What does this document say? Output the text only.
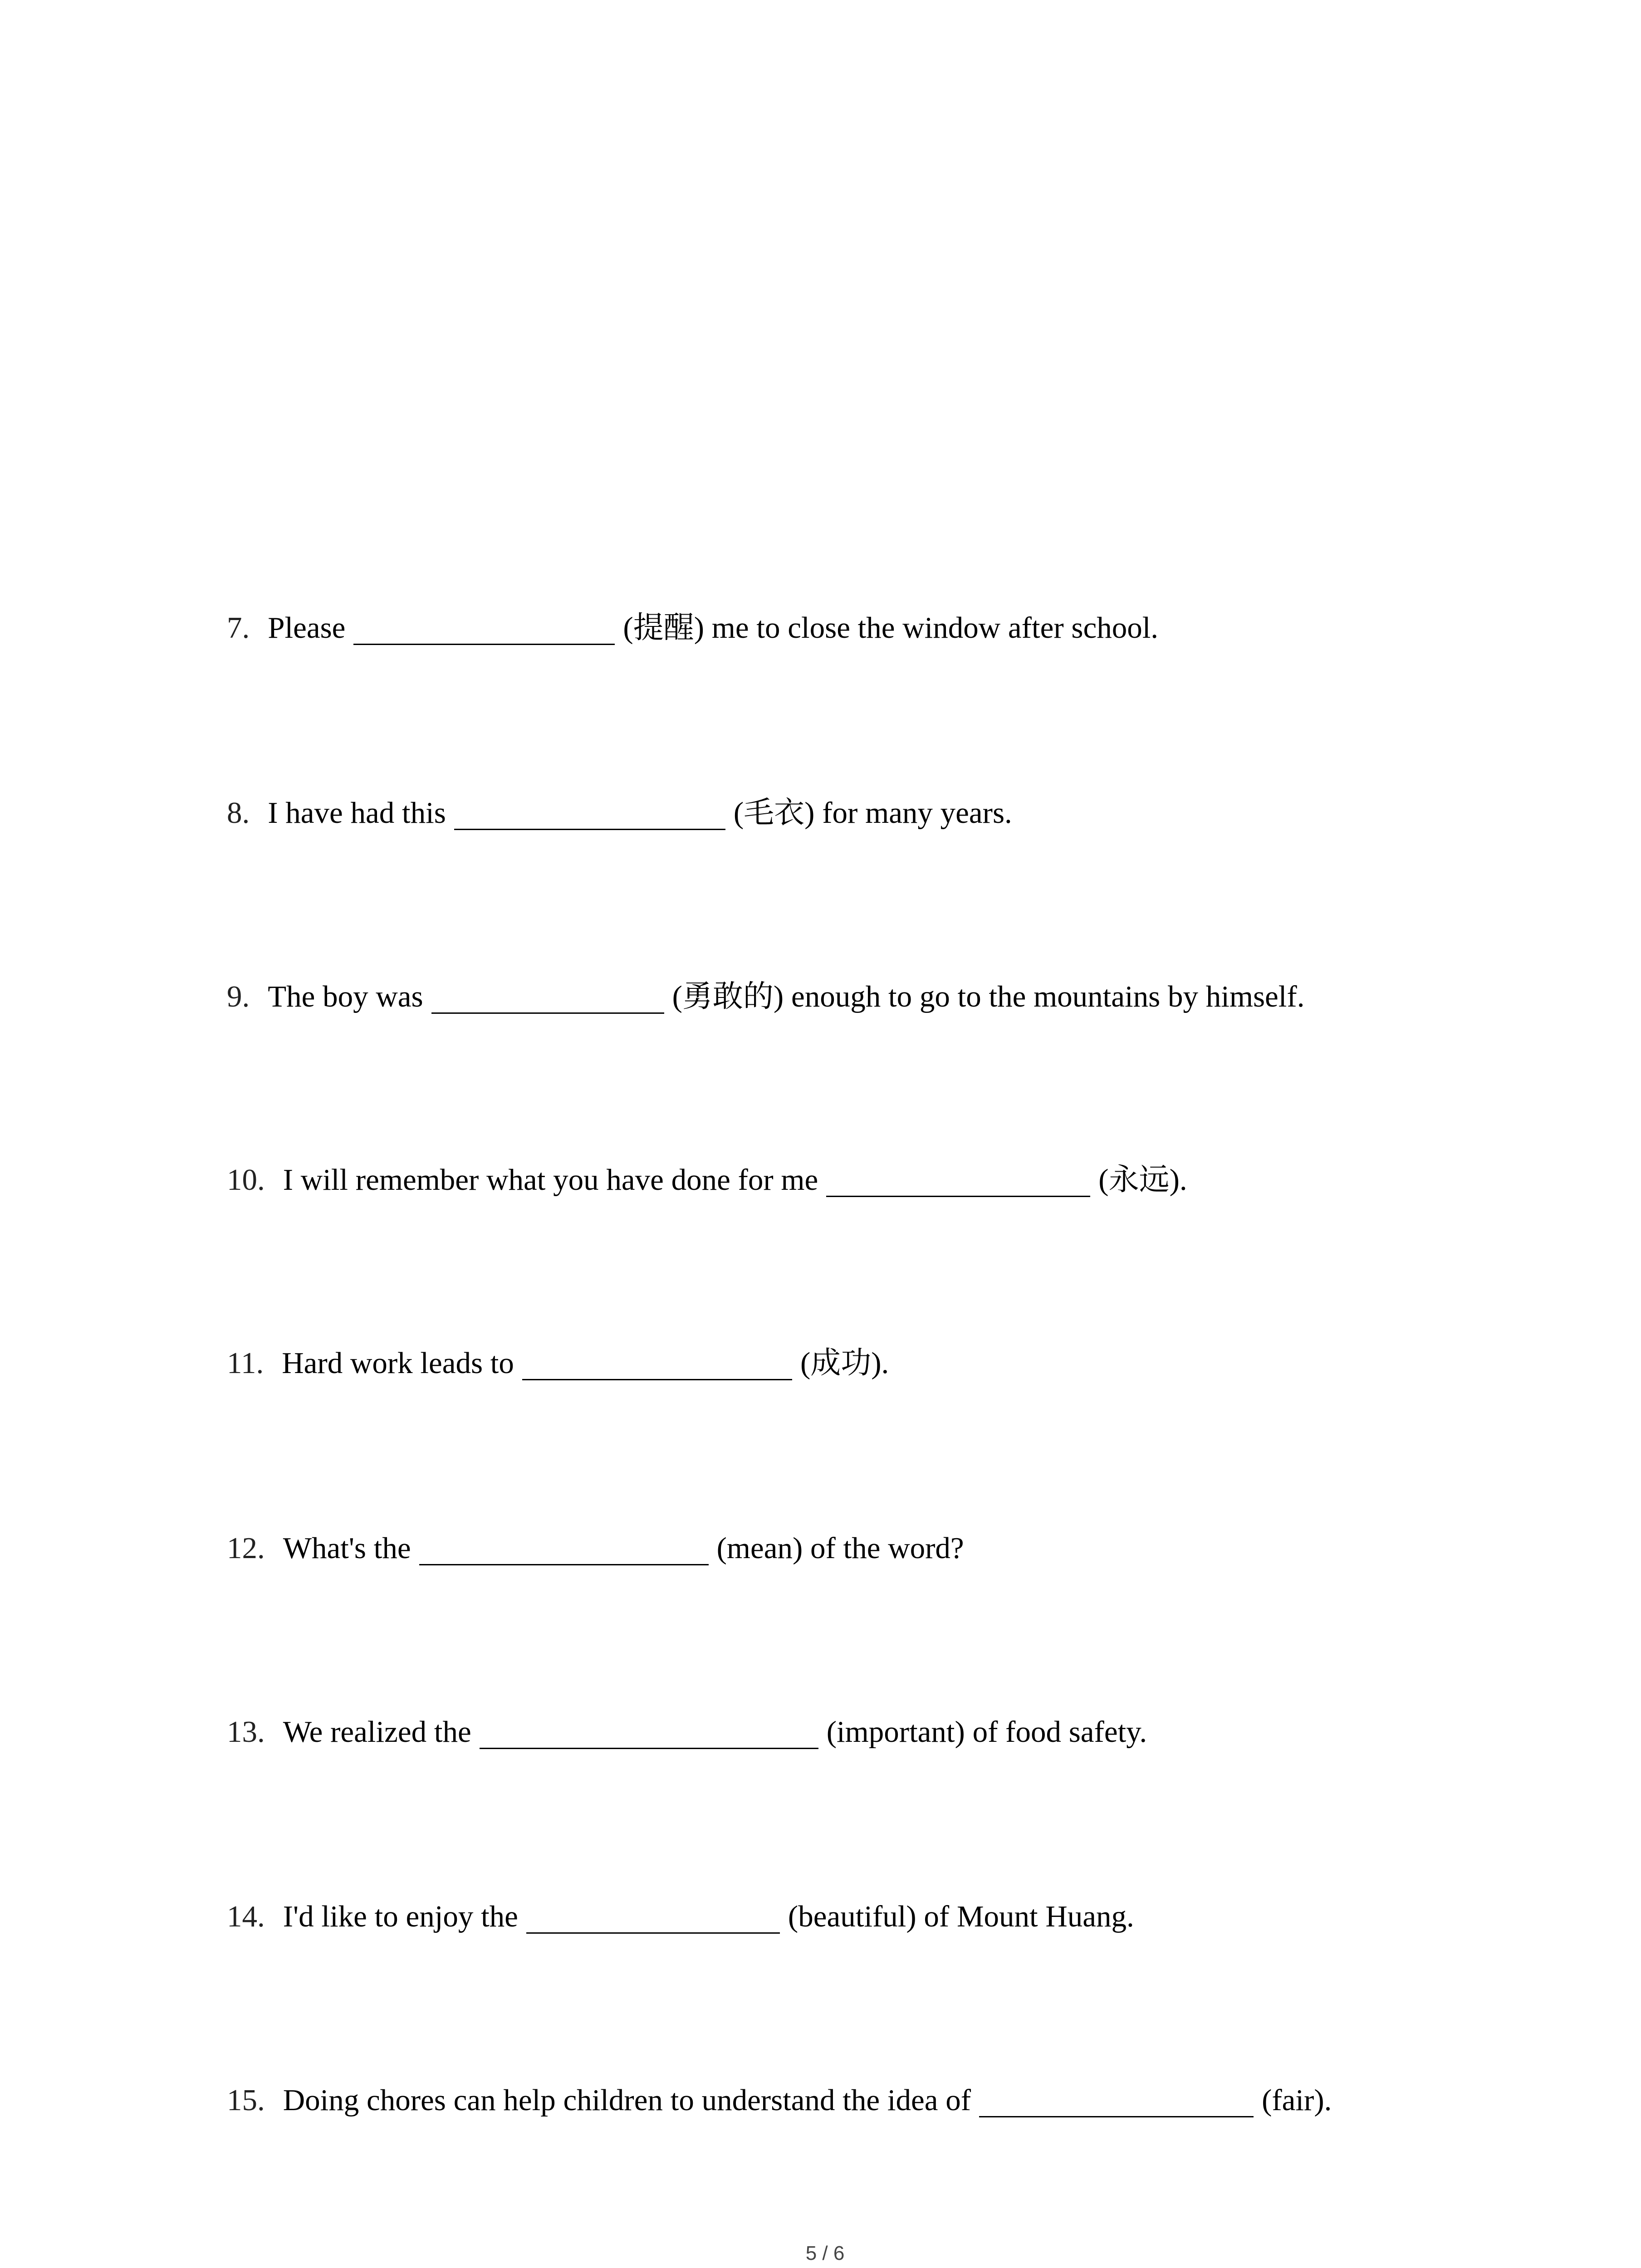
7. Please	(提醒) me to close the window after school.
8. I have had this	(毛衣) for many years.
9. The boy was	(勇敢的) enough to go to the mountains by himself.
10. I will remember what you have done for me	(永远).
11. Hard work leads to	(成功).
12. What's the	(mean) of the word?
13. We realized the	(important) of food safety.
14. I'd like to enjoy the	(beautiful) of Mount Huang.
15. Doing chores can help children to understand the idea of	(fair).
5 / 6
